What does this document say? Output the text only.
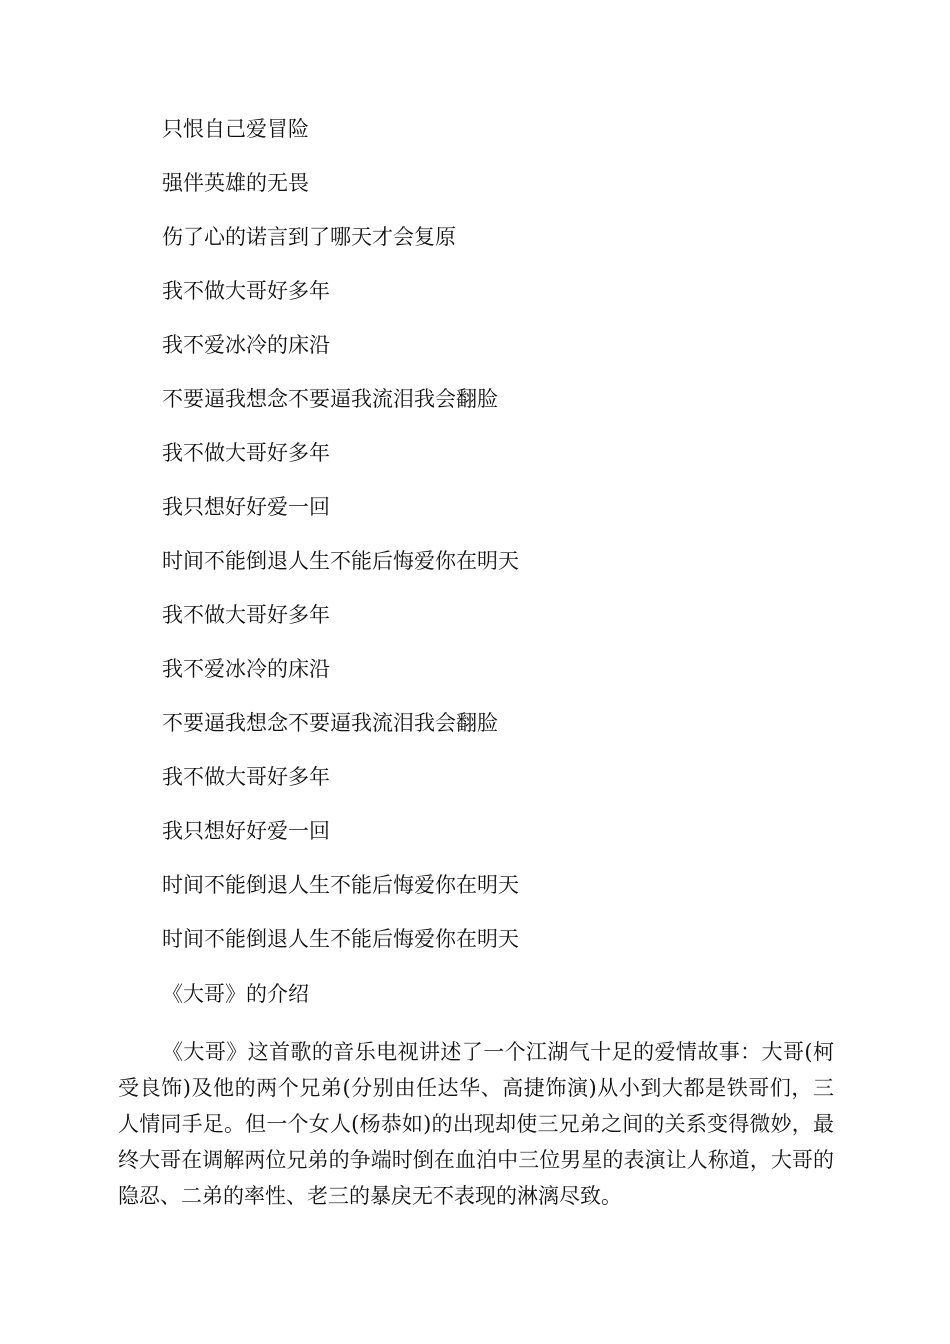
只恨自己爱冒险
强伴英雄的无畏
伤了心的诺言到了哪天才会复原
我不做大哥好多年
我不爱冰冷的床沿
不要逼我想念不要逼我流泪我会翻脸
我不做大哥好多年
我只想好好爱一回
时间不能倒退人生不能后悔爱你在明天
我不做大哥好多年
我不爱冰冷的床沿
不要逼我想念不要逼我流泪我会翻脸
我不做大哥好多年
我只想好好爱一回
时间不能倒退人生不能后悔爱你在明天
时间不能倒退人生不能后悔爱你在明天
《大哥》的介绍

《大哥》这首歌的音乐电视讲述了一个江湖气十足的爱情故事：大哥(柯受良饰)及他的两个兄弟(分别由任达华、高捷饰演)从小到大都是铁哥们，三人情同手足。但一个女人(杨恭如)的出现却使三兄弟之间的关系变得微妙，最终大哥在调解两位兄弟的争端时倒在血泊中三位男星的表演让人称道，大哥的隐忍、二弟的率性、老三的暴戾无不表现的淋漓尽致。
